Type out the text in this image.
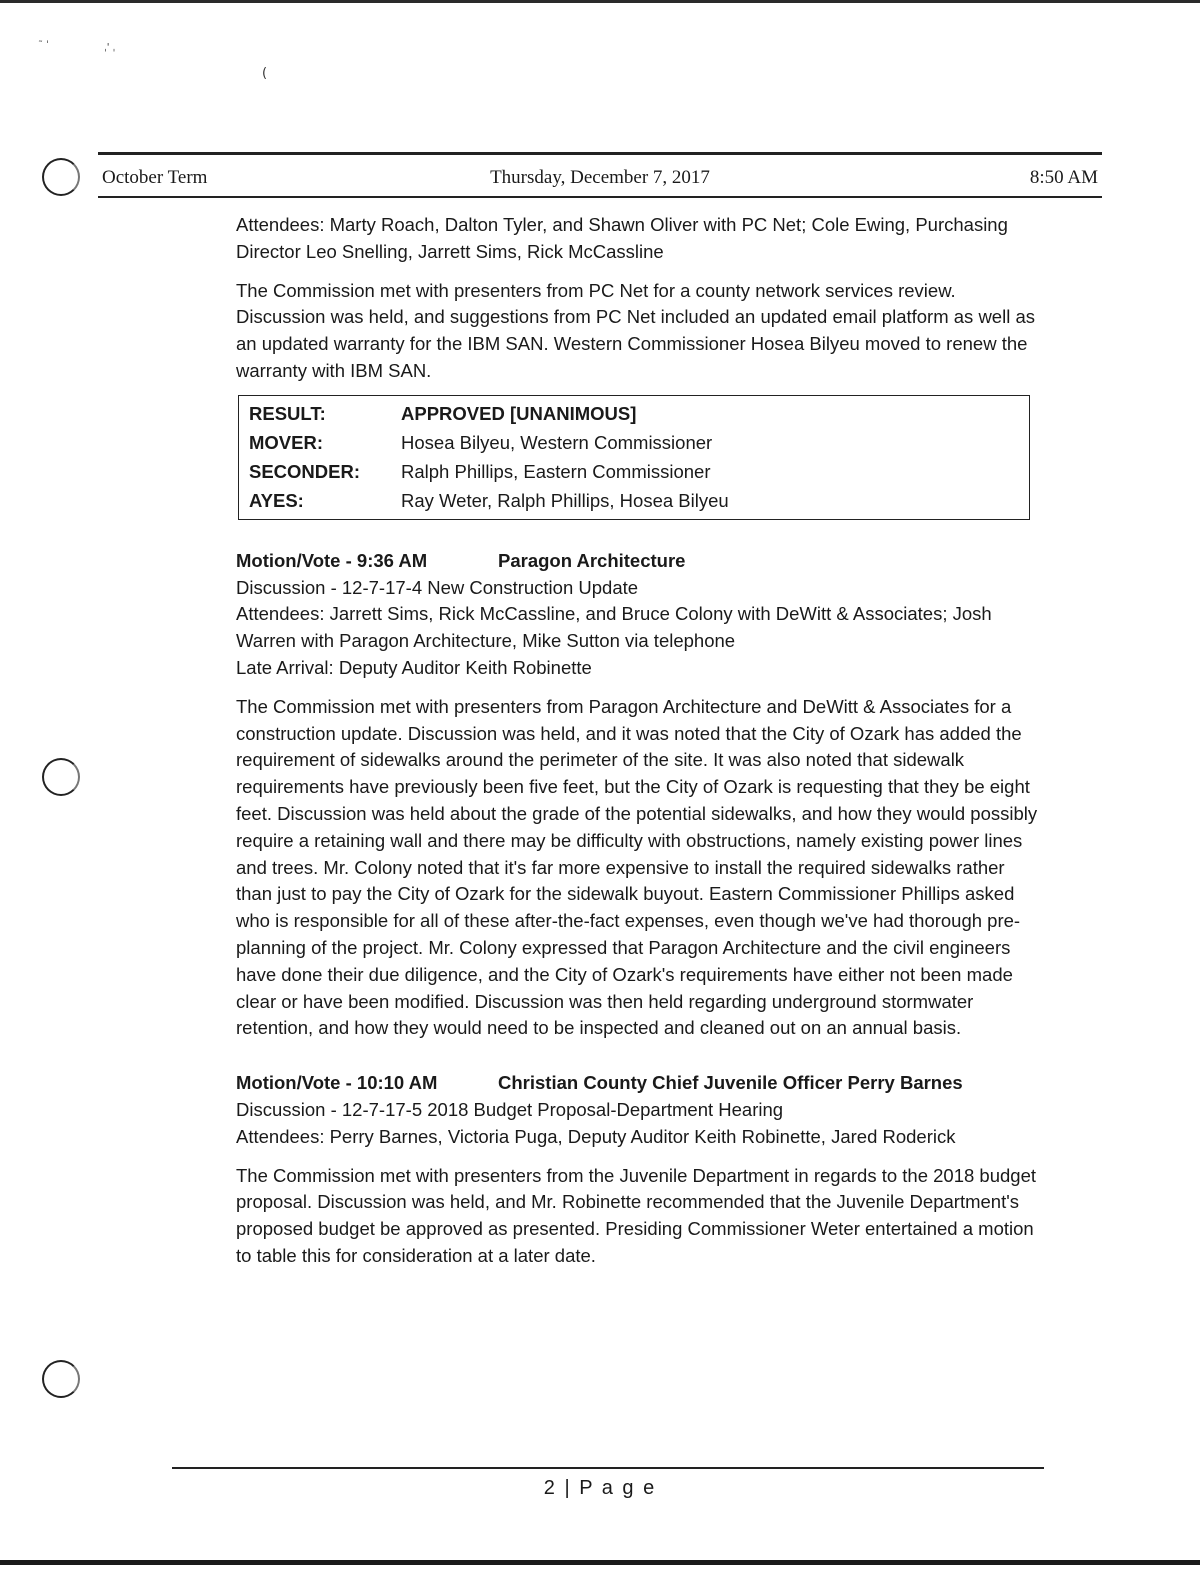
˜ ˈ	ˌ' ˌ
(
October Term	Thursday, December 7, 2017	8:50 AM

Attendees: Marty Roach, Dalton Tyler, and Shawn Oliver with PC Net; Cole Ewing, Purchasing Director Leo Snelling, Jarrett Sims, Rick McCassline

The Commission met with presenters from PC Net for a county network services review. Discussion was held, and suggestions from PC Net included an updated email platform as well as an updated warranty for the IBM SAN. Western Commissioner Hosea Bilyeu moved to renew the warranty with IBM SAN.

RESULT:	APPROVED [UNANIMOUS]
MOVER:	Hosea Bilyeu, Western Commissioner
SECONDER:	Ralph Phillips, Eastern Commissioner
AYES:	Ray Weter, Ralph Phillips, Hosea Bilyeu
Motion/Vote - 9:36 AM	Paragon Architecture

Discussion - 12-7-17-4 New Construction Update

Attendees: Jarrett Sims, Rick McCassline, and Bruce Colony with DeWitt & Associates; Josh Warren with Paragon Architecture, Mike Sutton via telephone

Late Arrival: Deputy Auditor Keith Robinette

The Commission met with presenters from Paragon Architecture and DeWitt & Associates for a construction update. Discussion was held, and it was noted that the City of Ozark has added the requirement of sidewalks around the perimeter of the site. It was also noted that sidewalk requirements have previously been five feet, but the City of Ozark is requesting that they be eight feet. Discussion was held about the grade of the potential sidewalks, and how they would possibly require a retaining wall and there may be difficulty with obstructions, namely existing power lines and trees. Mr. Colony noted that it's far more expensive to install the required sidewalks rather than just to pay the City of Ozark for the sidewalk buyout. Eastern Commissioner Phillips asked who is responsible for all of these after-the-fact expenses, even though we've had thorough pre-planning of the project. Mr. Colony expressed that Paragon Architecture and the civil engineers have done their due diligence, and the City of Ozark's requirements have either not been made clear or have been modified. Discussion was then held regarding underground stormwater retention, and how they would need to be inspected and cleaned out on an annual basis.

Motion/Vote - 10:10 AM	Christian County Chief Juvenile Officer Perry Barnes

Discussion - 12-7-17-5 2018 Budget Proposal-Department Hearing

Attendees: Perry Barnes, Victoria Puga, Deputy Auditor Keith Robinette, Jared Roderick

The Commission met with presenters from the Juvenile Department in regards to the 2018 budget proposal. Discussion was held, and Mr. Robinette recommended that the Juvenile Department's proposed budget be approved as presented. Presiding Commissioner Weter entertained a motion to table this for consideration at a later date.

2 | P a g e
